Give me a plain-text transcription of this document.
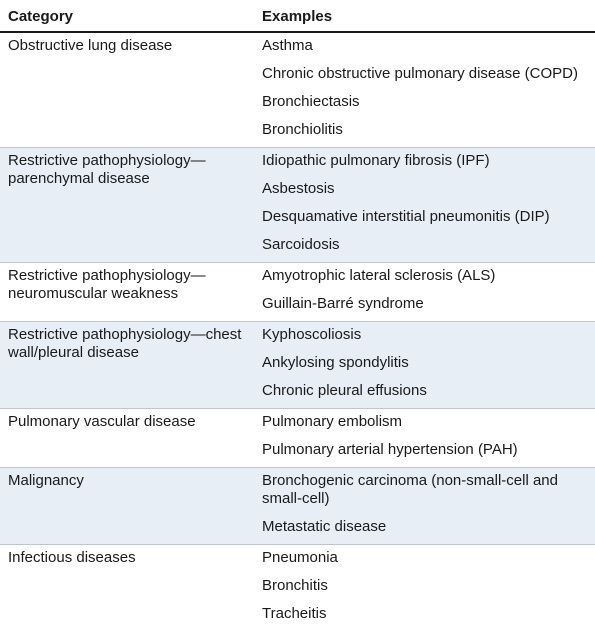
Category	Examples
Obstructive lung disease	Asthma
Chronic obstructive pulmonary disease (COPD)
Bronchiectasis
Bronchiolitis

Restrictive pathophysiology—parenchymal disease	Idiopathic pulmonary fibrosis (IPF)
Asbestosis
Desquamative interstitial pneumonitis (DIP)
Sarcoidosis

Restrictive pathophysiology—neuromuscular weakness	Amyotrophic lateral sclerosis (ALS)
Guillain-Barré syndrome

Restrictive pathophysiology—chest wall/pleural disease	Kyphoscoliosis
Ankylosing spondylitis
Chronic pleural effusions

Pulmonary vascular disease	Pulmonary embolism
Pulmonary arterial hypertension (PAH)

Malignancy	Bronchogenic carcinoma (non-small-cell and small-cell)
Metastatic disease

Infectious diseases	Pneumonia
Bronchitis
Tracheitis
